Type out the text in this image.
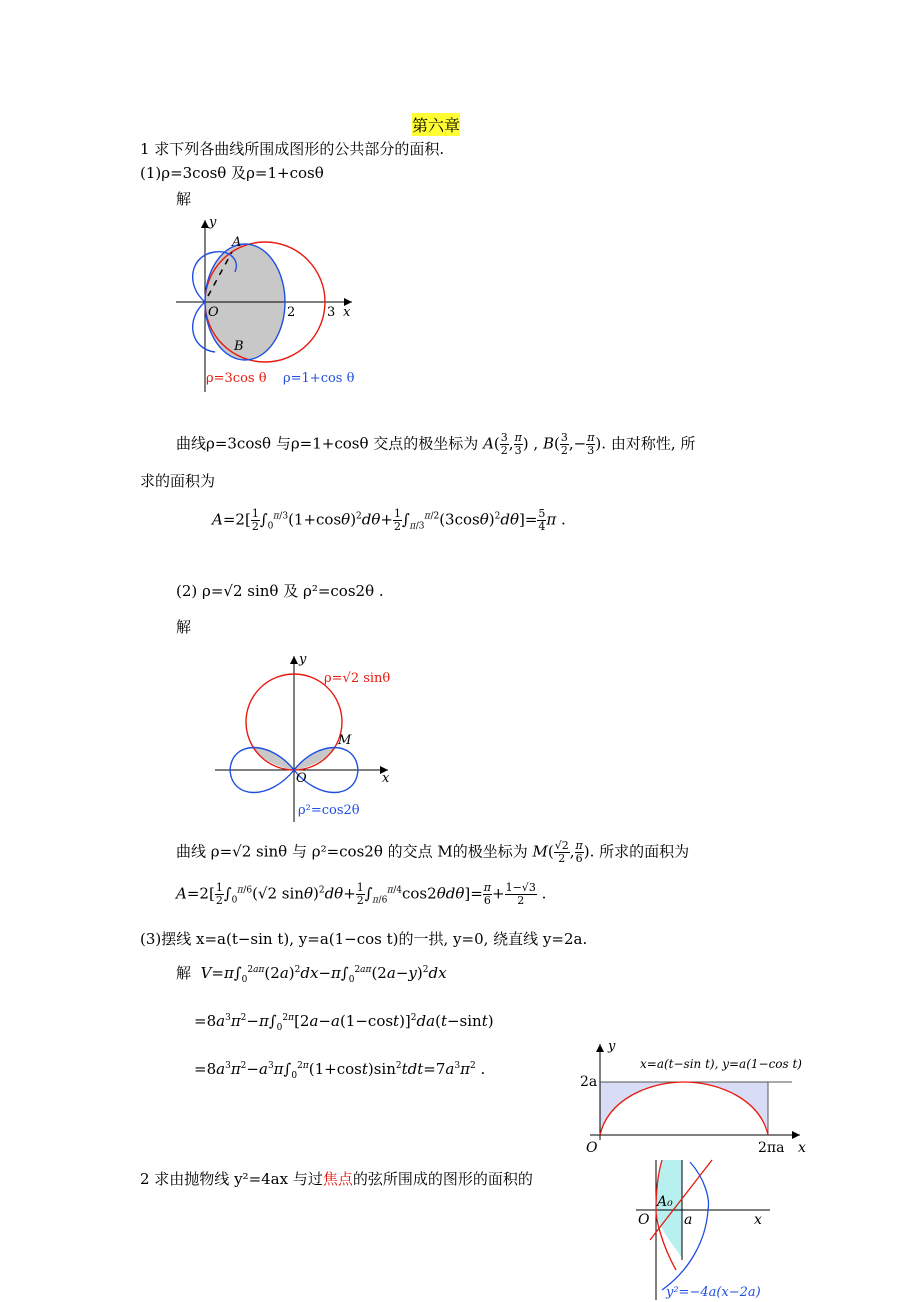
第六章
1 求下列各曲线所围成图形的公共部分的面积.
(1)ρ=3cosθ 及ρ=1+cosθ
解
y
A
O	2 3 x
B
ρ=3cos θ ρ=1+cos θ
曲线ρ=3cosθ 与ρ=1+cosθ 交点的极坐标为 $A( \frac{3}{2}$ , $\frac{\pi}{3}$ ) , $B( \frac{3}{2}$ ,− $\frac{\pi}{3}$ ). 由对称性, 所
求的面积为
$A=2[ \frac{1}{2} \int_0^{\pi/3}(1+\cos\theta)^2d\theta+ \frac{1}{2} \int_{\pi/3}^{\pi/2}(3\cos\theta)^2d\theta]= \frac{5}{4}$ π .
(2) ρ=√2 sinθ 及 ρ²=cos2θ .
解
y
ρ=√2 sinθ
M
O	x
ρ²=cos2θ
曲线 ρ=√2 sinθ 与 ρ²=cos2θ 的交点 M的极坐标为 $M( \frac{√2}{2}$ , $\frac{\pi}{6}$ ). 所求的面积为
$A=2[ \frac{1}{2} \int_0^{\pi/6}(√2$ $\sin\theta)^2d\theta+ \frac{1}{2} \int_{\pi/6}^{\pi/4}\cos 2\theta d\theta]= \frac{\pi}{6} + \frac{1-√3}{2}$ .
(3)摆线 x=a(t−sin t), y=a(1−cos t)的一拱, y=0, 绕直线 y=2a.
解 $V=\pi\int_0^{2a\pi}(2a)^2dx-\pi\int_0^{2a\pi}(2a-y)^2dx$
$=8a^3\pi^2-\pi\int_0^{2\pi}[2a-a(1-\cos t)]^2da(t-\sin t)$
$=8a^3\pi^2-a^3\pi\int_0^{2\pi}(1+\cos t)\sin^2tdt=7a^3\pi^2$ .
y
x=a(t−sin t), y=a(1−cos t)
2a
O	2πa x
2 求由抛物线 y²=4ax 与过焦点的弦所围成的图形的面积的
A₀
O a	x
y²=−4a(x−2a)
